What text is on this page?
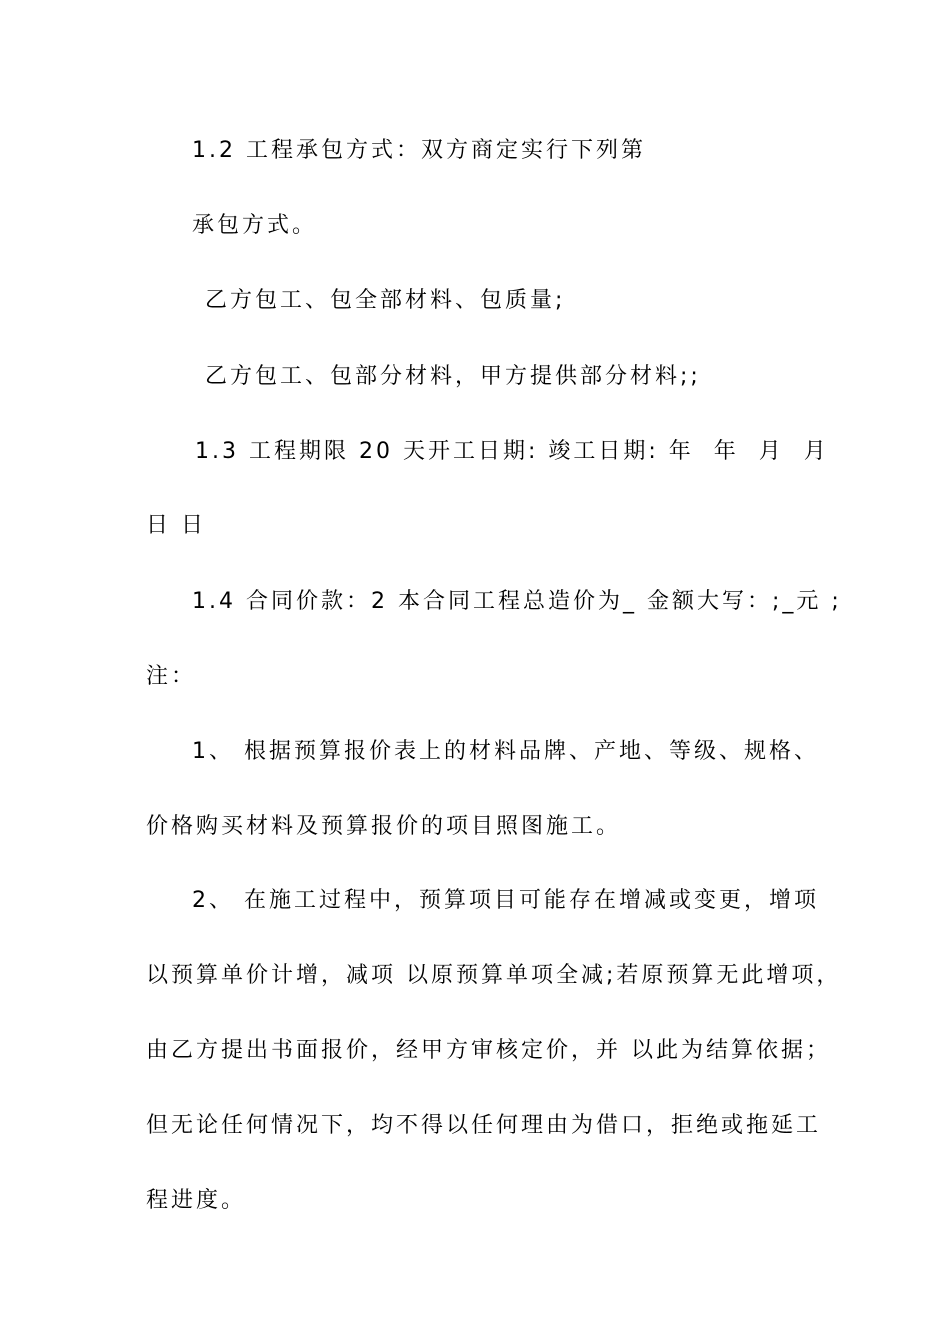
1.2 工程承包方式：双方商定实行下列第
承包方式。
乙方包工、包全部材料、包质量;
乙方包工、包部分材料，甲方提供部分材料;;
1.3 工程期限 20 天开工日期: 竣工日期: 年  年  月  月
日 日
1.4 合同价款：2 本合同工程总造价为_ 金额大写：;_元 ;
注：
1、 根据预算报价表上的材料品牌、产地、等级、规格、
价格购买材料及预算报价的项目照图施工。
2、 在施工过程中，预算项目可能存在增减或变更，增项
以预算单价计增，减项 以原预算单项全减;若原预算无此增项，
由乙方提出书面报价，经甲方审核定价，并 以此为结算依据；
但无论任何情况下，均不得以任何理由为借口，拒绝或拖延工
程进度。
